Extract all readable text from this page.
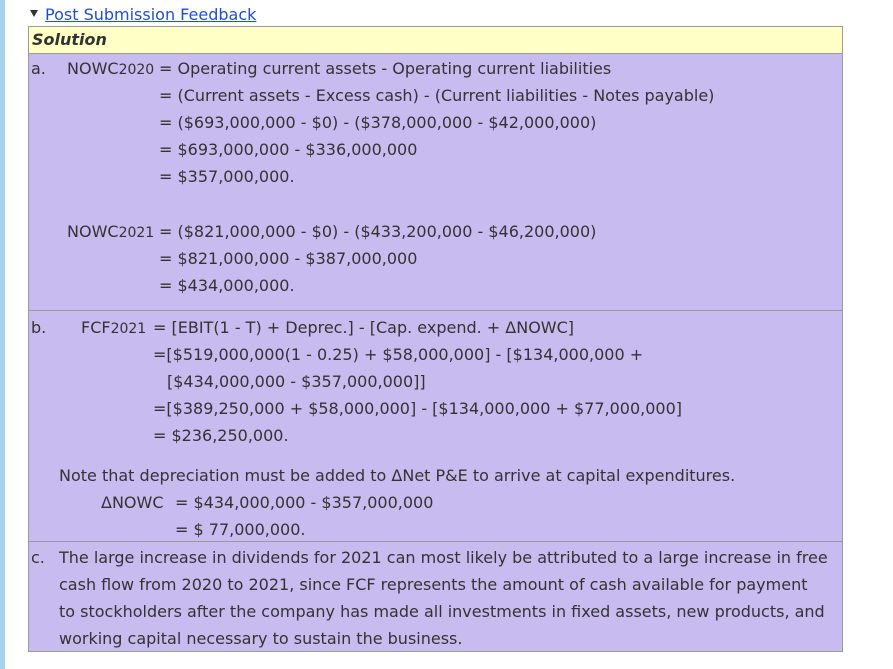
Post Submission Feedback
Solution
a. NOWC2020 = Operating current assets - Operating current liabilities
= (Current assets - Excess cash) - (Current liabilities - Notes payable)
= ($693,000,000 - $0) - ($378,000,000 - $42,000,000)
= $693,000,000 - $336,000,000
= $357,000,000.
NOWC2021 = ($821,000,000 - $0) - ($433,200,000 - $46,200,000)
= $821,000,000 - $387,000,000
= $434,000,000.
b. FCF2021 = [EBIT(1 - T) + Deprec.] - [Cap. expend. + ΔNOWC]
=[$519,000,000(1 - 0.25) + $58,000,000] - [$134,000,000 +
[$434,000,000 - $357,000,000]]
=[$389,250,000 + $58,000,000] - [$134,000,000 + $77,000,000]
= $236,250,000.
Note that depreciation must be added to ΔNet P&E to arrive at capital expenditures.
ΔNOWC = $434,000,000 - $357,000,000
= $ 77,000,000.
c. The large increase in dividends for 2021 can most likely be attributed to a large increase in free
cash flow from 2020 to 2021, since FCF represents the amount of cash available for payment
to stockholders after the company has made all investments in fixed assets, new products, and
working capital necessary to sustain the business.
